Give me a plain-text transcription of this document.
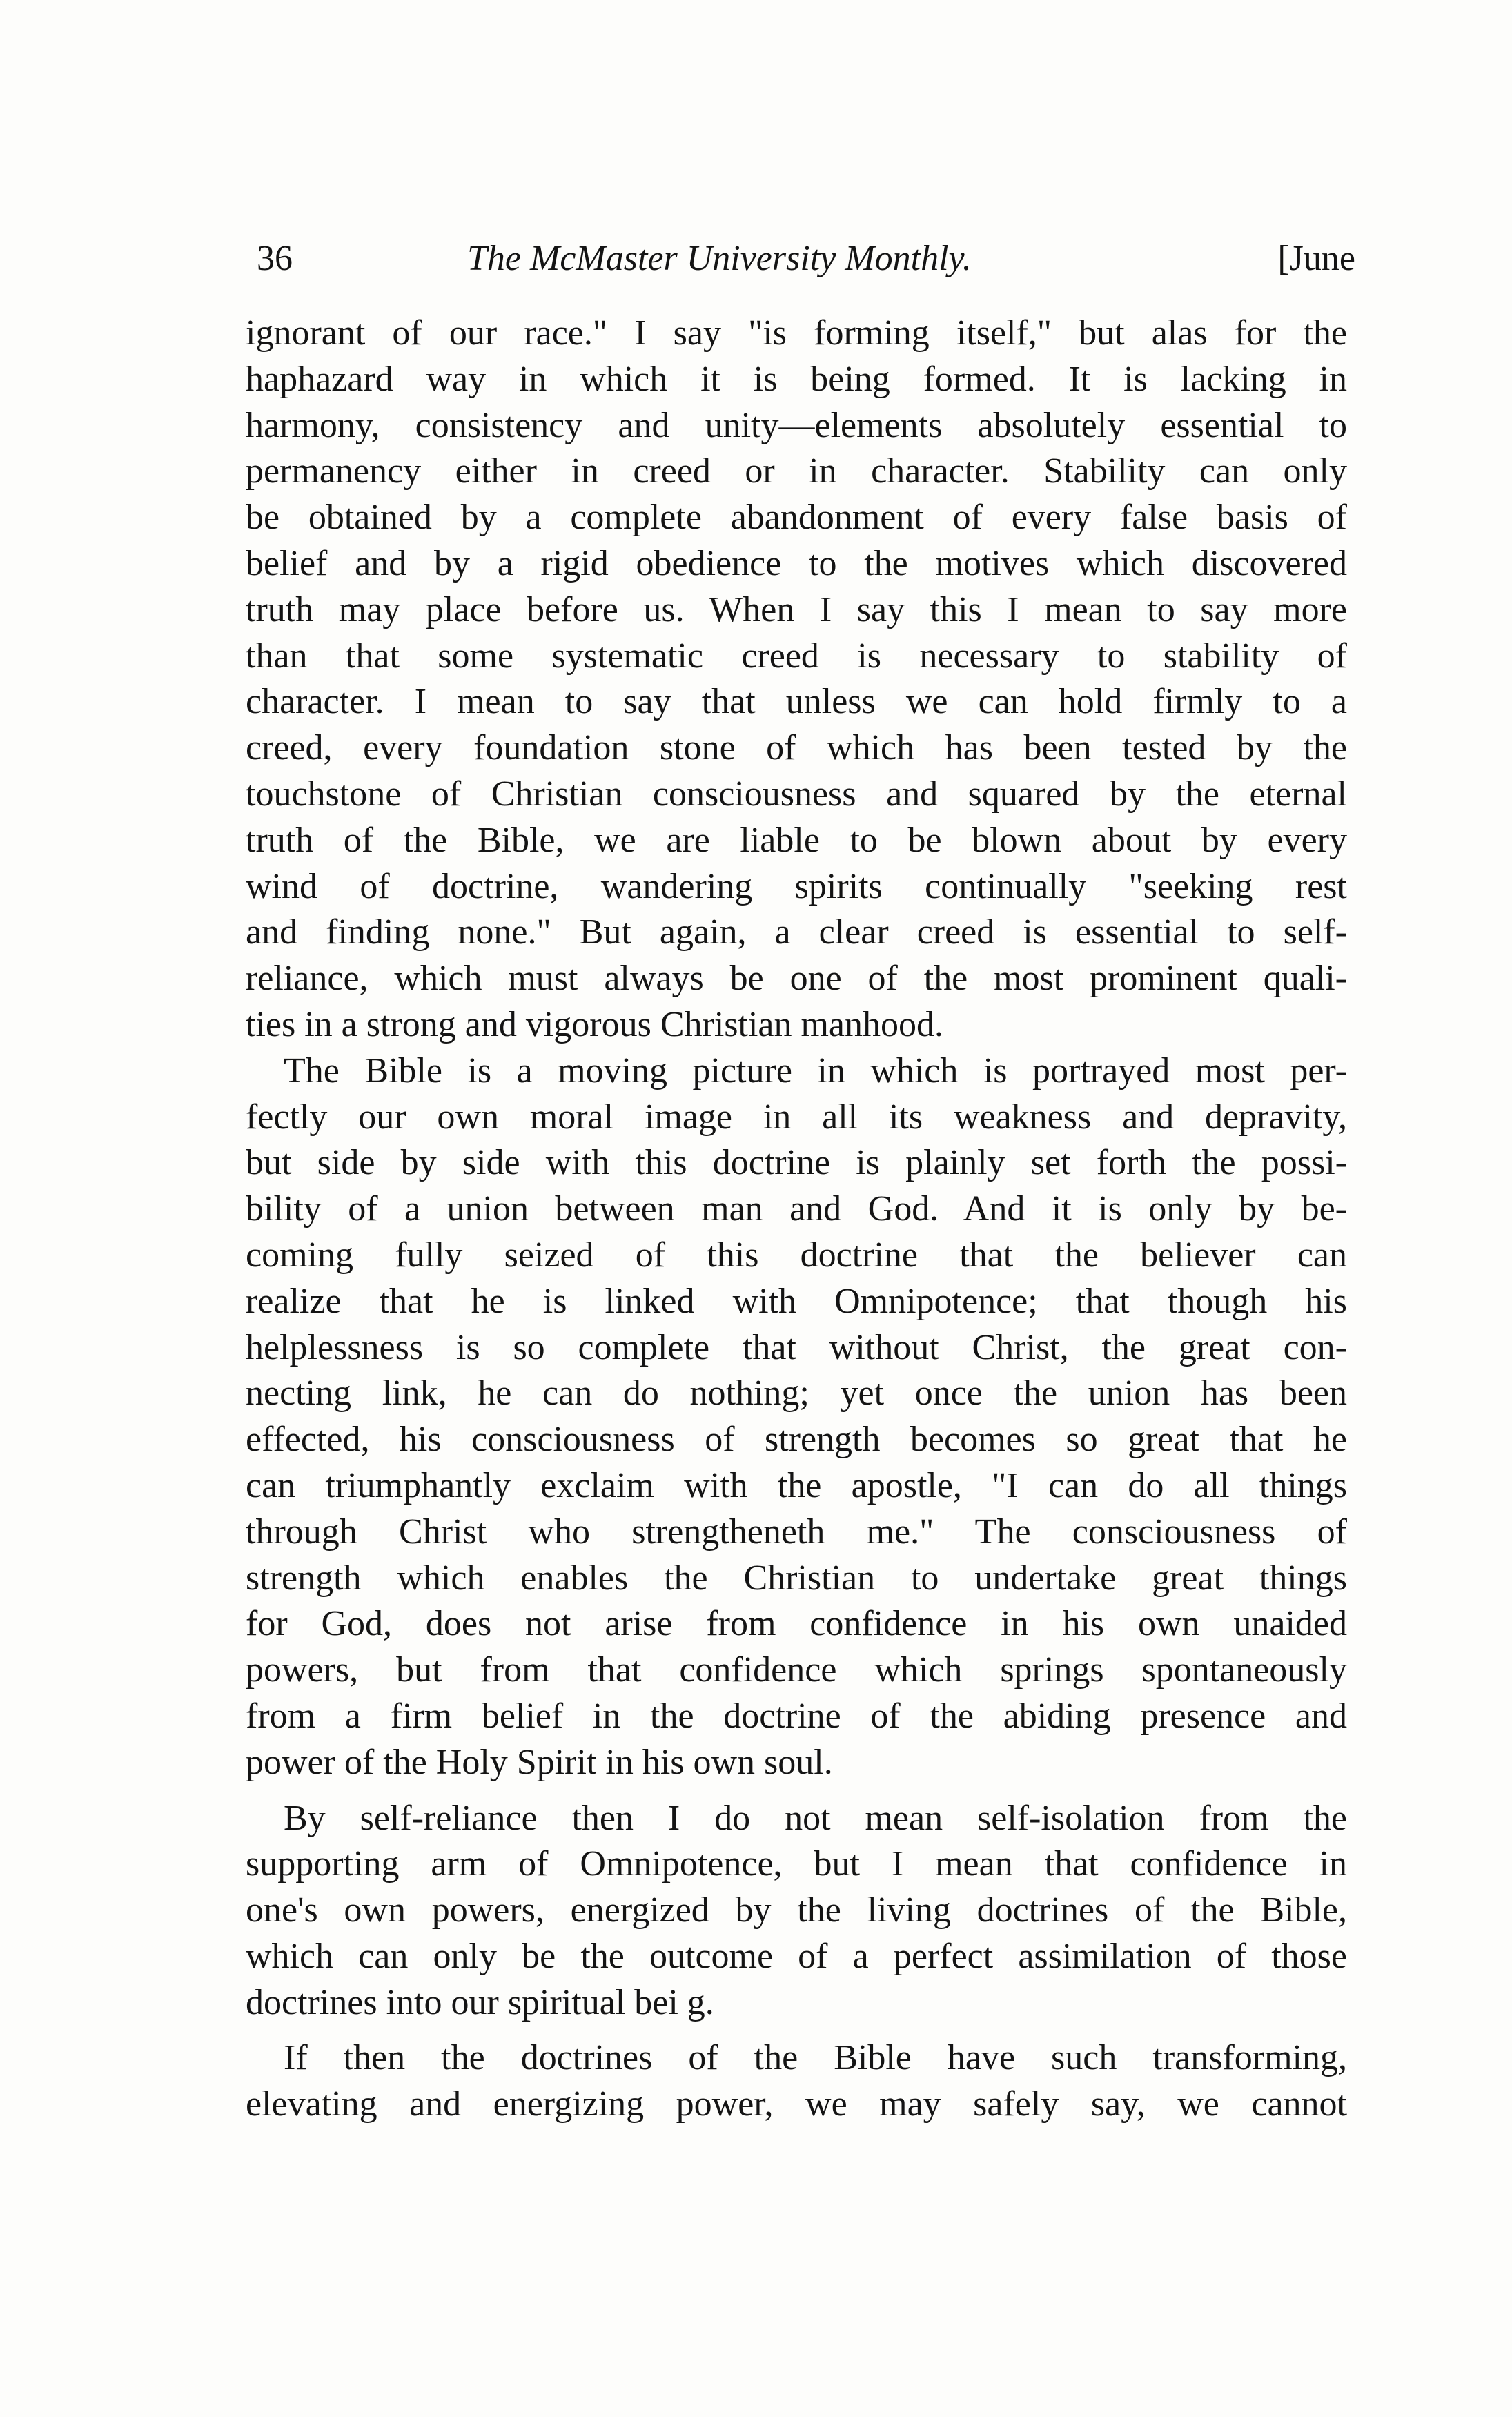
36	The McMaster University Monthly.	[June
ignorant of our race." I say "is forming itself," but alas for the
haphazard way in which it is being formed. It is lacking in
harmony, consistency and unity—elements absolutely essential to
permanency either in creed or in character. Stability can only
be obtained by a complete abandonment of every false basis of
belief and by a rigid obedience to the motives which discovered
truth may place before us. When I say this I mean to say more
than that some systematic creed is necessary to stability of
character. I mean to say that unless we can hold firmly to a
creed, every foundation stone of which has been tested by the
touchstone of Christian consciousness and squared by the eternal
truth of the Bible, we are liable to be blown about by every
wind of doctrine, wandering spirits continually "seeking rest
and finding none." But again, a clear creed is essential to self-
reliance, which must always be one of the most prominent quali-
ties in a strong and vigorous Christian manhood.
The Bible is a moving picture in which is portrayed most per-
fectly our own moral image in all its weakness and depravity,
but side by side with this doctrine is plainly set forth the possi-
bility of a union between man and God. And it is only by be-
coming fully seized of this doctrine that the believer can
realize that he is linked with Omnipotence; that though his
helplessness is so complete that without Christ, the great con-
necting link, he can do nothing; yet once the union has been
effected, his consciousness of strength becomes so great that he
can triumphantly exclaim with the apostle, "I can do all things
through Christ who strengtheneth me." The consciousness of
strength which enables the Christian to undertake great things
for God, does not arise from confidence in his own unaided
powers, but from that confidence which springs spontaneously
from a firm belief in the doctrine of the abiding presence and
power of the Holy Spirit in his own soul.
By self-reliance then I do not mean self-isolation from the
supporting arm of Omnipotence, but I mean that confidence in
one's own powers, energized by the living doctrines of the Bible,
which can only be the outcome of a perfect assimilation of those
doctrines into our spiritual bei g.
If then the doctrines of the Bible have such transforming,
elevating and energizing power, we may safely say, we cannot
